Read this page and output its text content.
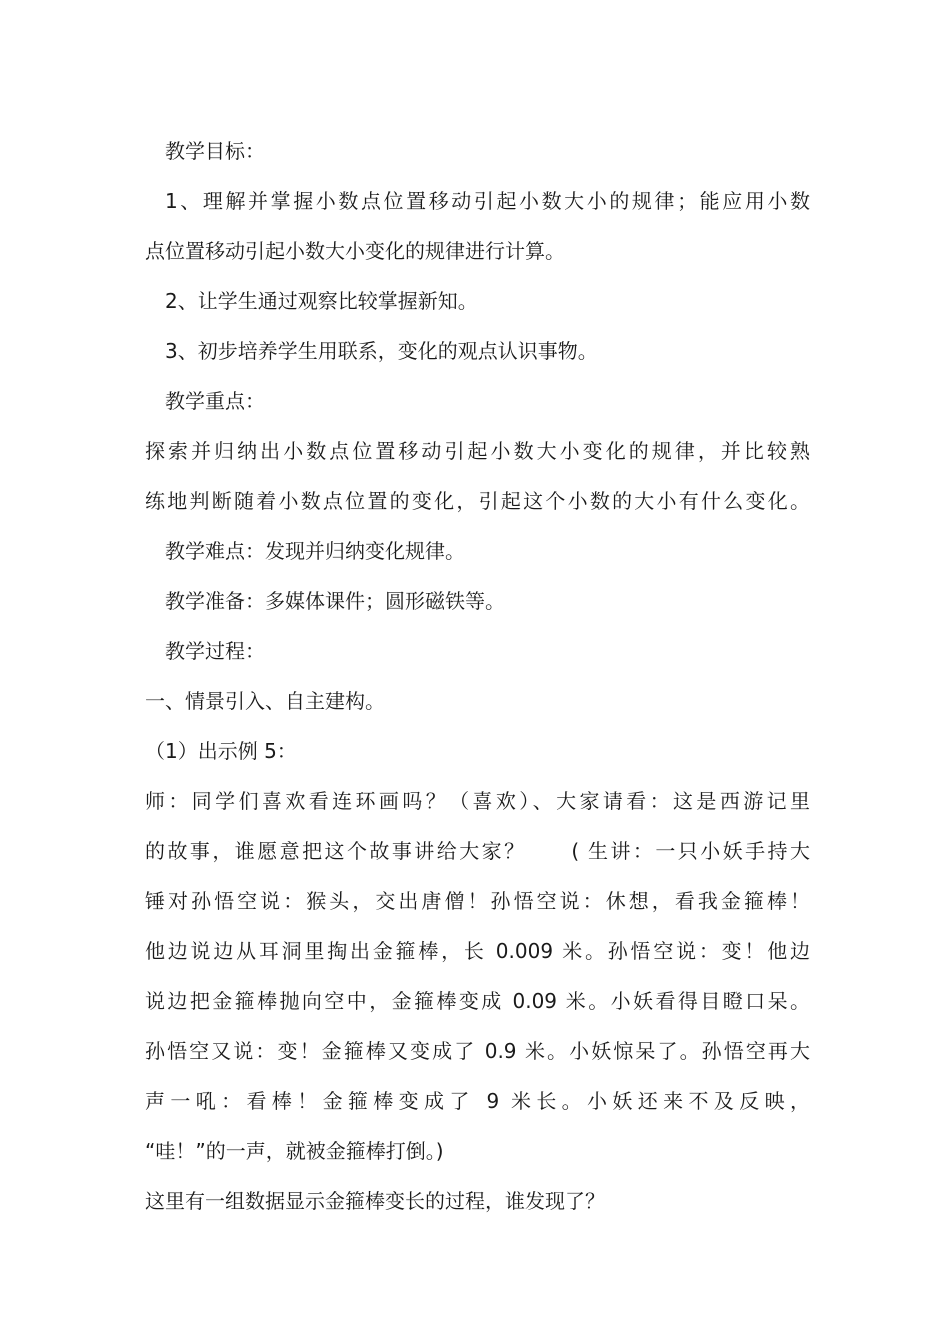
教学目标：
1、理解并掌握小数点位置移动引起小数大小的规律；能应用小数
点位置移动引起小数大小变化的规律进行计算。
2、让学生通过观察比较掌握新知。
3、初步培养学生用联系，变化的观点认识事物。
教学重点：
探索并归纳出小数点位置移动引起小数大小变化的规律，并比较熟
练地判断随着小数点位置的变化，引起这个小数的大小有什么变化。
教学难点：发现并归纳变化规律。
教学准备：多媒体课件；圆形磁铁等。
教学过程：
一、情景引入、自主建构。
（1）出示例 5：
师：同学们喜欢看连环画吗？（喜欢）、大家请看：这是西游记里
的故事，谁愿意把这个故事讲给大家？　　( 生讲：一只小妖手持大
锤对孙悟空说：猴头，交出唐僧！孙悟空说：休想，看我金箍棒！
他边说边从耳洞里掏出金箍棒，长 0.009 米。孙悟空说：变！他边
说边把金箍棒抛向空中，金箍棒变成 0.09 米。小妖看得目瞪口呆。
孙悟空又说：变！金箍棒又变成了 0.9 米。小妖惊呆了。孙悟空再大
声一吼：看棒！金箍棒变成了 9 米长。小妖还来不及反映，
“哇！”的一声，就被金箍棒打倒。)
这里有一组数据显示金箍棒变长的过程，谁发现了？
